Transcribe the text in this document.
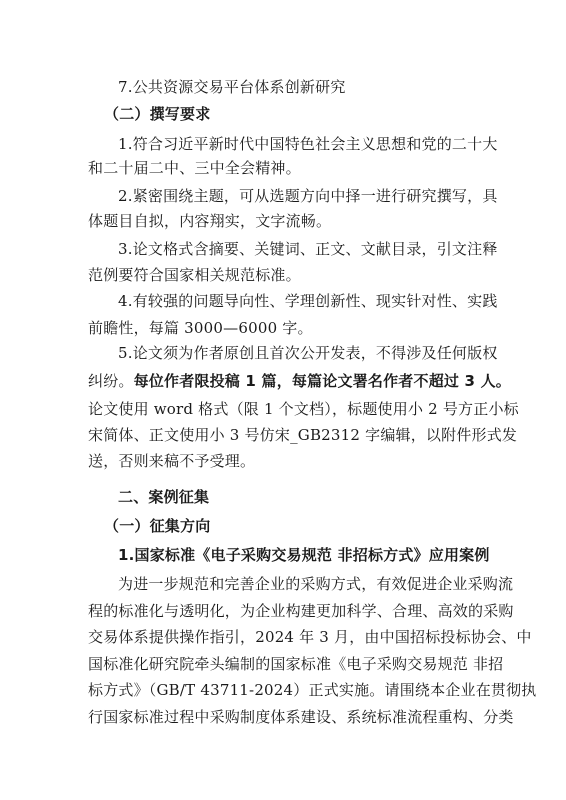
7.公共资源交易平台体系创新研究
（二）撰写要求
1.符合习近平新时代中国特色社会主义思想和党的二十大
和二十届二中、三中全会精神。
2.紧密围绕主题，可从选题方向中择一进行研究撰写，具
体题目自拟，内容翔实，文字流畅。
3.论文格式含摘要、关键词、正文、文献目录，引文注释
范例要符合国家相关规范标准。
4.有较强的问题导向性、学理创新性、现实针对性、实践
前瞻性，每篇 3000—6000 字。
5.论文须为作者原创且首次公开发表，不得涉及任何版权
纠纷。每位作者限投稿 1 篇，每篇论文署名作者不超过 3 人。
论文使用 word 格式（限 1 个文档），标题使用小 2 号方正小标
宋简体、正文使用小 3 号仿宋_GB2312 字编辑，以附件形式发
送，否则来稿不予受理。
二、案例征集
（一）征集方向
1.国家标准《电子采购交易规范 非招标方式》应用案例
为进一步规范和完善企业的采购方式，有效促进企业采购流
程的标准化与透明化，为企业构建更加科学、合理、高效的采购
交易体系提供操作指引，2024 年 3 月，由中国招标投标协会、中
国标准化研究院牵头编制的国家标准《电子采购交易规范 非招
标方式》（GB/T 43711-2024）正式实施。请围绕本企业在贯彻执
行国家标准过程中采购制度体系建设、系统标准流程重构、分类
